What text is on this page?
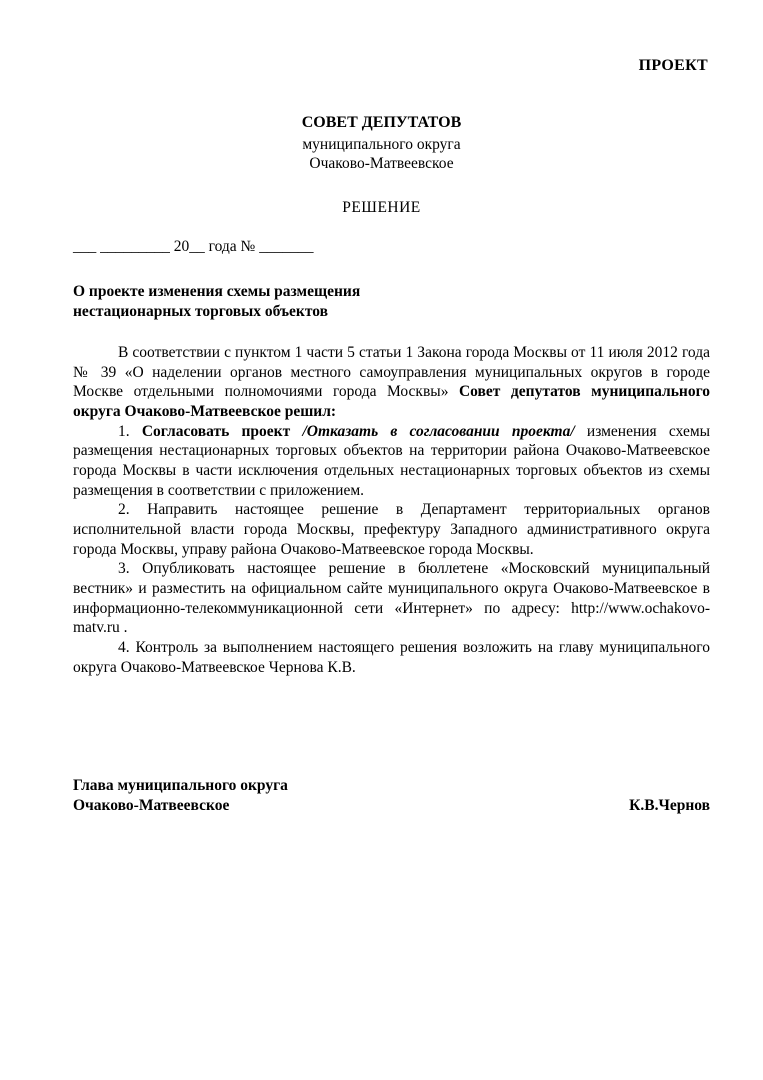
ПРОЕКТ
СОВЕТ ДЕПУТАТОВ
муниципального округа
Очаково-Матвеевское
РЕШЕНИЕ
___ _________ 20__ года № _______
О проекте изменения схемы размещения
нестационарных торговых объектов

В соответствии с пунктом 1 части 5 статьи 1 Закона города Москвы от 11 июля 2012 года № 39 «О наделении органов местного самоуправления муниципальных округов в городе Москве отдельными полномочиями города Москвы» Совет депутатов муниципального округа Очаково-Матвеевское решил:

1. Согласовать проект /Отказать в согласовании проекта/ изменения схемы размещения нестационарных торговых объектов на территории района Очаково-Матвеевское города Москвы в части исключения отдельных нестационарных торговых объектов из схемы размещения в соответствии с приложением.

2. Направить настоящее решение в Департамент территориальных органов исполнительной власти города Москвы, префектуру Западного административного округа города Москвы, управу района Очаково-Матвеевское города Москвы.

3. Опубликовать настоящее решение в бюллетене «Московский муниципальный вестник» и разместить на официальном сайте муниципального округа Очаково-Матвеевское в информационно-телекоммуникационной сети «Интернет» по адресу: http://www.ochakovo-matv.ru .

4. Контроль за выполнением настоящего решения возложить на главу муниципального округа Очаково-Матвеевское Чернова К.В.

Глава муниципального округа
Очаково-Матвеевское	К.В.Чернов
